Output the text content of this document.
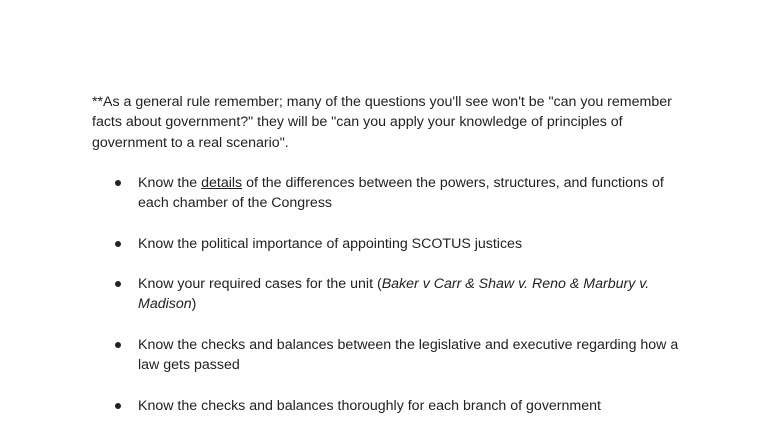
**As a general rule remember; many of the questions you'll see won't be "can you remember facts about government?" they will be "can you apply your knowledge of principles of government to a real scenario".

Know the details of the differences between the powers, structures, and functions of each chamber of the Congress

Know the political importance of appointing SCOTUS justices

Know your required cases for the unit (Baker v Carr & Shaw v. Reno & Marbury v. Madison)

Know the checks and balances between the legislative and executive regarding how a law gets passed

Know the checks and balances thoroughly for each branch of government
